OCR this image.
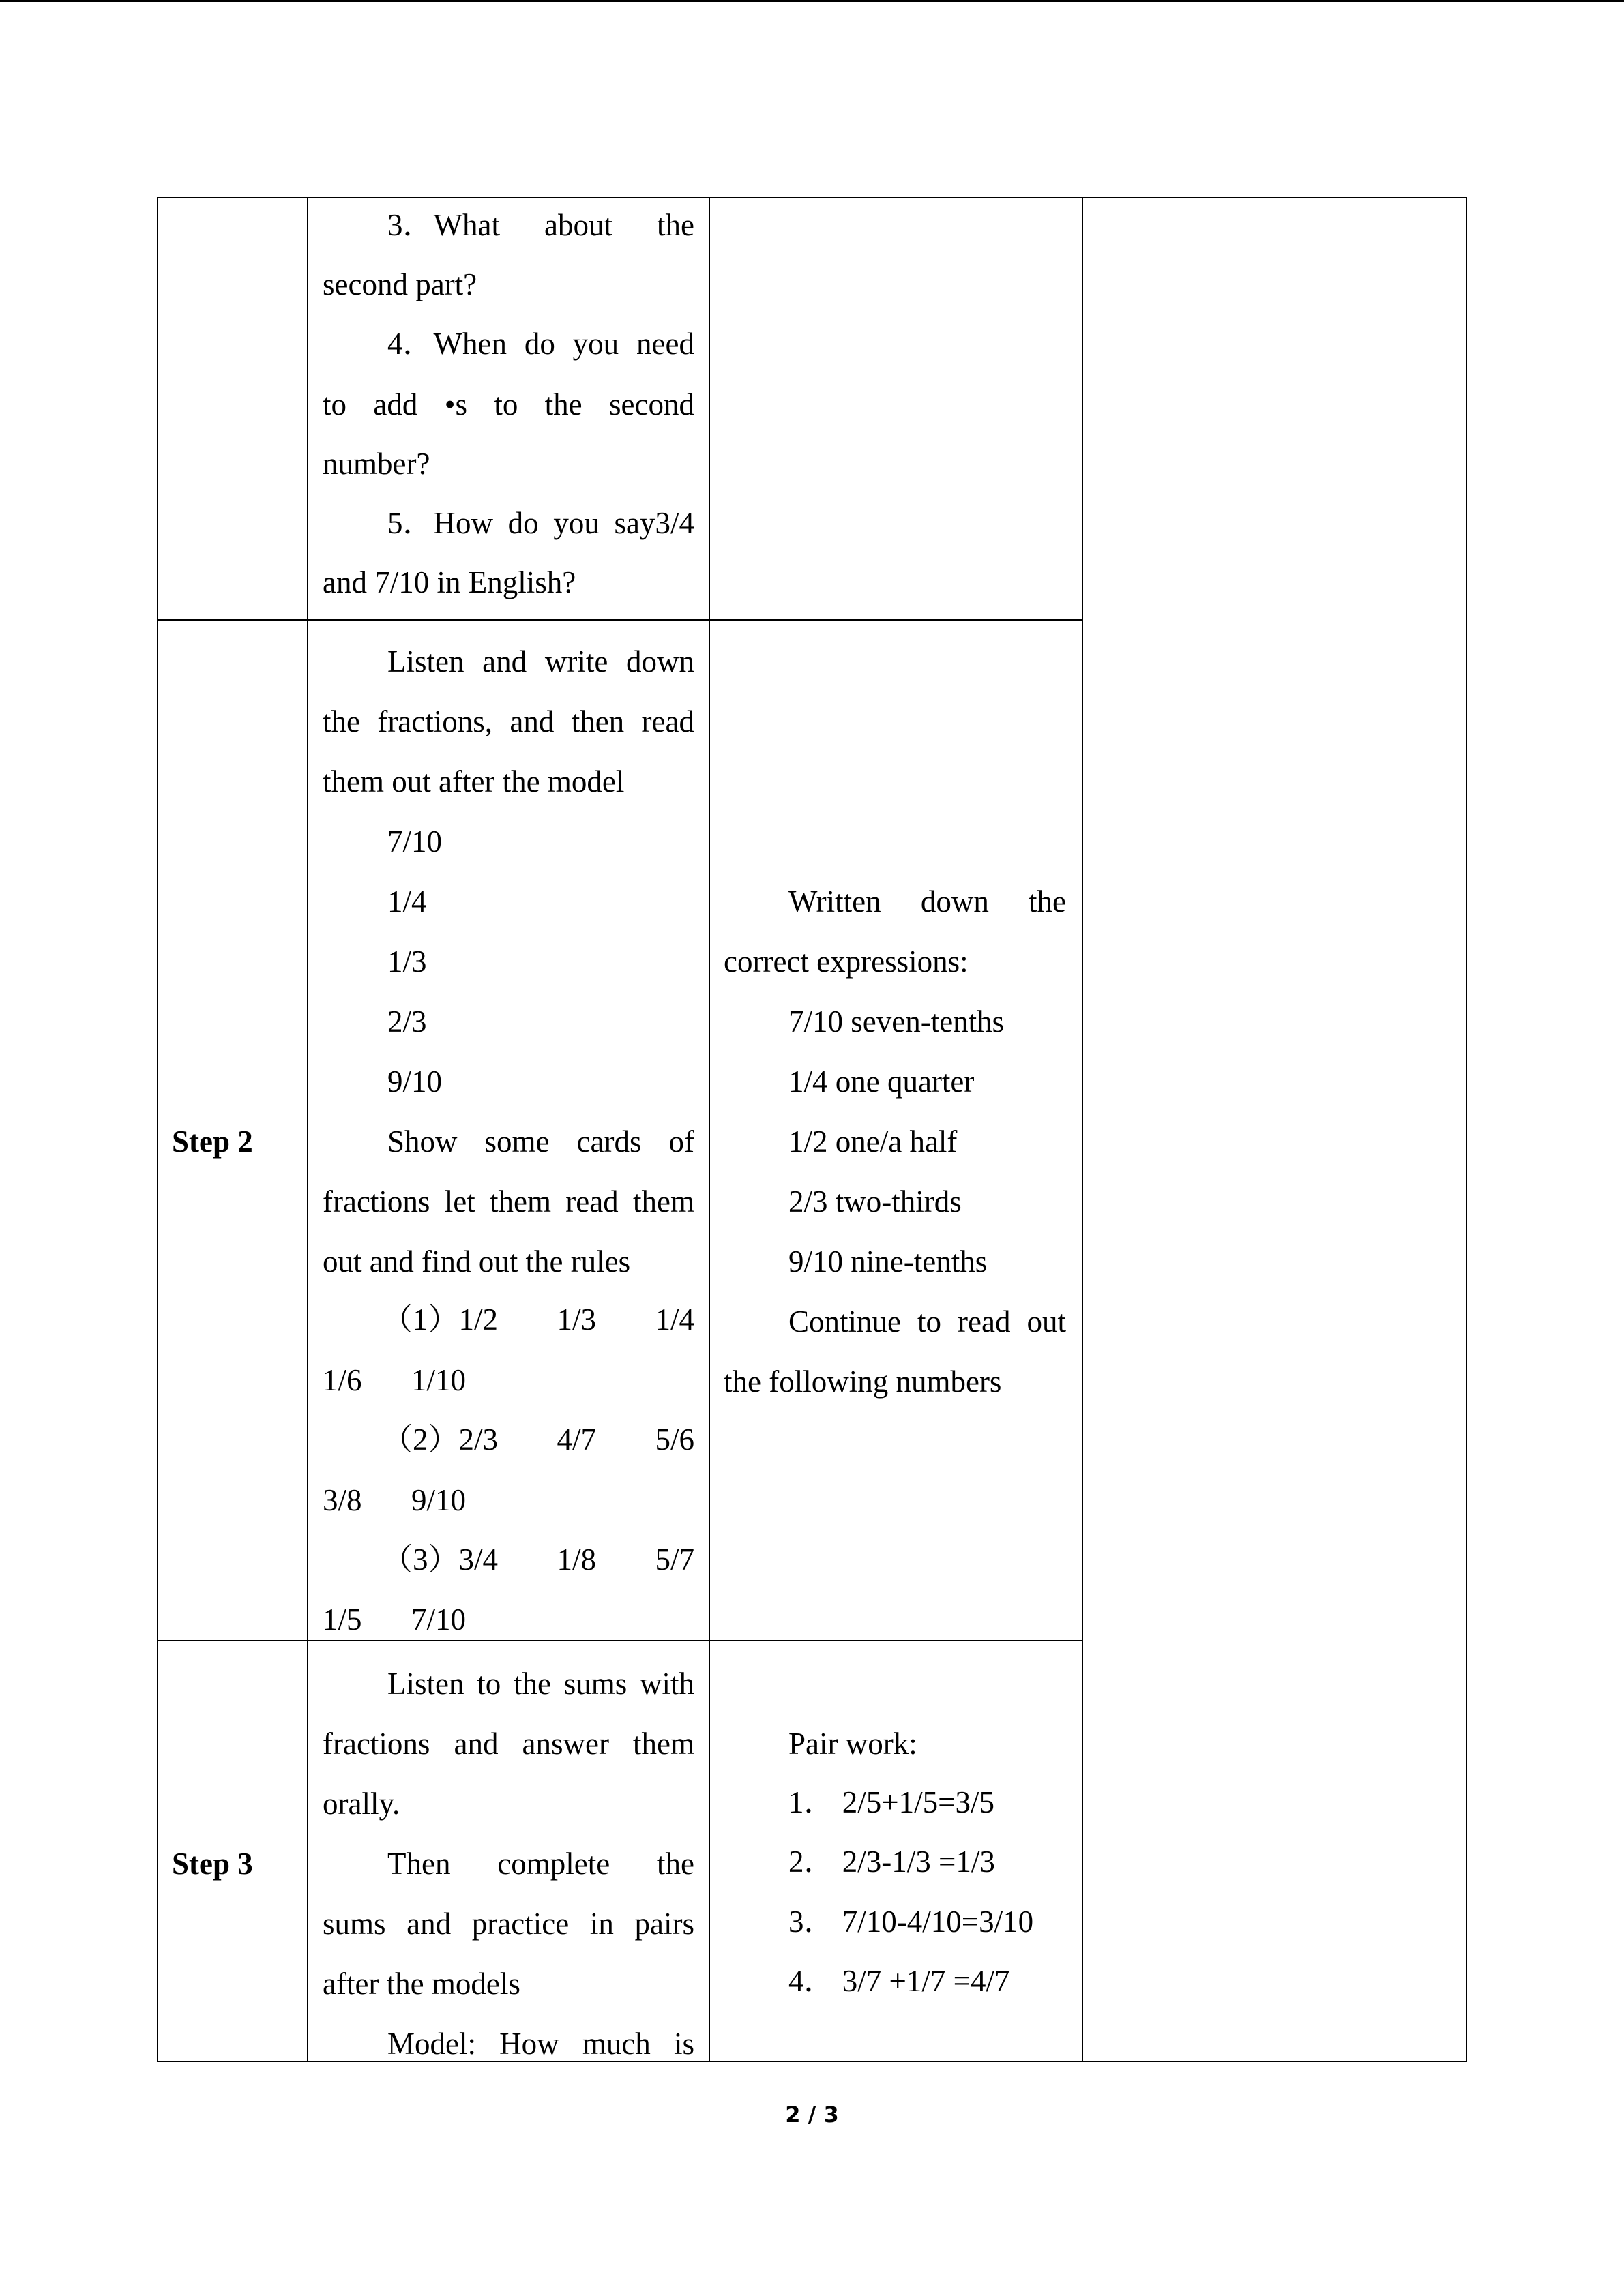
3．What about the
second part?
4．When do you need
to add •s to the second
number?
5．How do you say3/4
and 7/10 in English?
Listen and write down
the fractions, and then read
them out after the model
7/10
1/4
1/3
2/3
9/10
Show some cards of
fractions let them read them
out and find out the rules
（1）1/2 1/3 1/4
1/6 1/10
（2）2/3 4/7 5/6
3/8 9/10
（3）3/4 1/8 5/7
1/5 7/10
Written down the
correct expressions:
7/10 seven-tenths
1/4 one quarter
1/2 one/a half
2/3 two-thirds
9/10 nine-tenths
Continue to read out
the following numbers
Listen to the sums with
fractions and answer them
orally.
Then complete the
sums and practice in pairs
after the models
Model: How much is
Pair work:
1． 2/5+1/5=3/5
2． 2/3-1/3 =1/3
3． 7/10-4/10=3/10
4． 3/7 +1/7 =4/7
Step 2
Step 3
2 / 3
